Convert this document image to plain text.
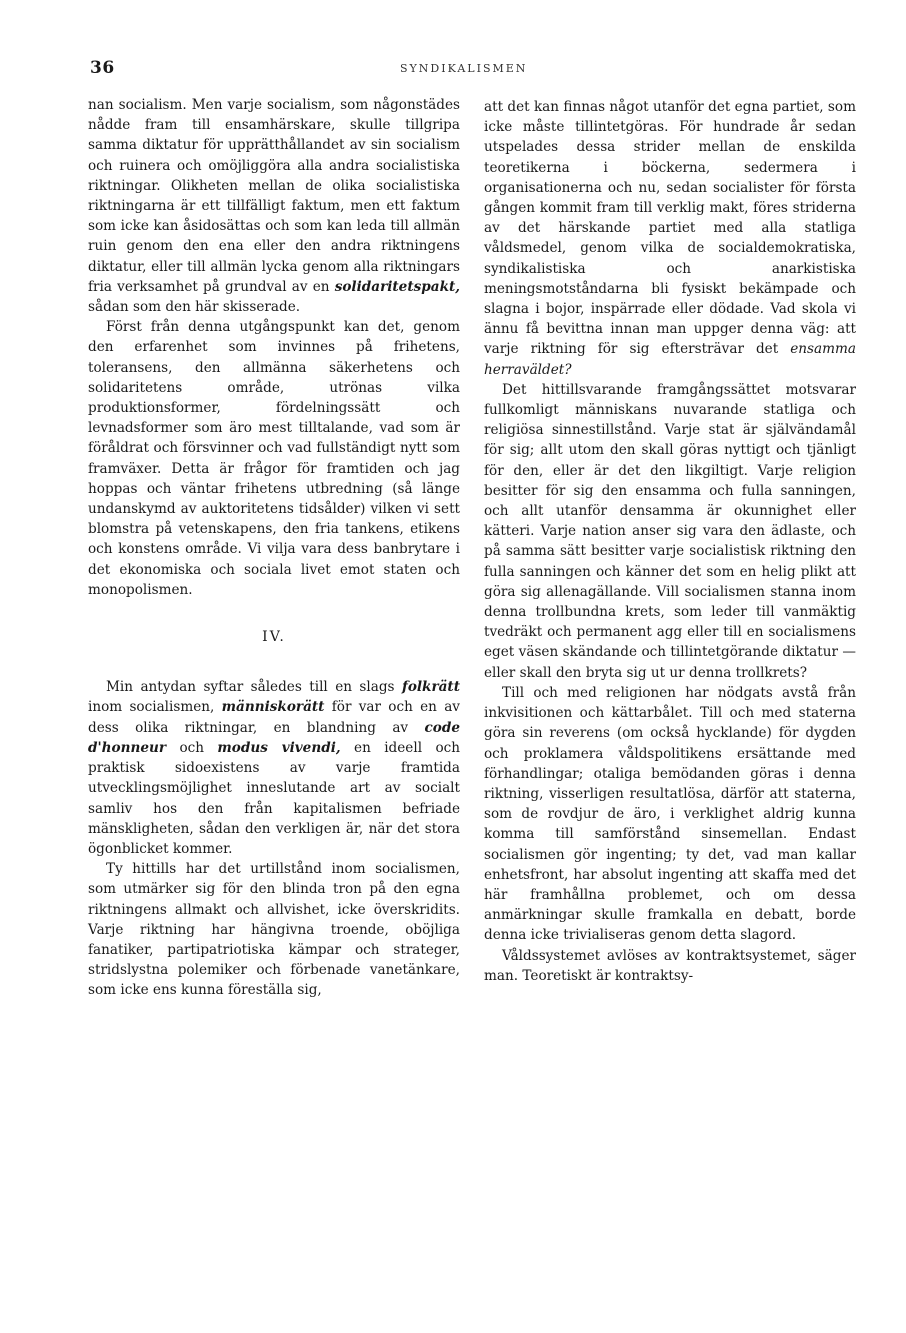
36	SYNDIKALISMEN

nan socialism. Men varje socialism, som någonstädes nådde fram till ensamhärskare, skulle tillgripa samma diktatur för upprätthållandet av sin socialism och ruinera och omöjliggöra alla andra socialistiska riktningar. Olikheten mellan de olika socialistiska riktningarna är ett tillfälligt faktum, men ett faktum som icke kan åsidosättas och som kan leda till allmän ruin genom den ena eller den andra riktningens diktatur, eller till allmän lycka genom alla riktningars fria verksamhet på grundval av en solidaritetspakt, sådan som den här skisserade.

Först från denna utgångspunkt kan det, genom den erfarenhet som invinnes på frihetens, toleransens, den allmänna säkerhetens och solidaritetens område, utrönas vilka produktionsformer, fördelningssätt och levnadsformer som äro mest tilltalande, vad som är föråldrat och försvinner och vad fullständigt nytt som framväxer. Detta är frågor för framtiden och jag hoppas och väntar frihetens utbredning (så länge undanskymd av auktoritetens tidsålder) vilken vi sett blomstra på vetenskapens, den fria tankens, etikens och konstens område. Vi vilja vara dess banbrytare i det ekonomiska och sociala livet emot staten och monopolismen.

IV.

Min antydan syftar således till en slags folkrätt inom socialismen, människorätt för var och en av dess olika riktningar, en blandning av code d'honneur och modus vivendi, en ideell och praktisk sidoexistens av varje framtida utvecklingsmöjlighet inneslutande art av socialt samliv hos den från kapitalismen befriade mänskligheten, sådan den verkligen är, när det stora ögonblicket kommer.

Ty hittills har det urtillstånd inom socialismen, som utmärker sig för den blinda tron på den egna riktningens allmakt och allvishet, icke överskridits. Varje riktning har hängivna troende, oböjliga fanatiker, partipatriotiska kämpar och strateger, stridslystna polemiker och förbenade vanetänkare, som icke ens kunna föreställa sig,

att det kan finnas något utanför det egna partiet, som icke måste tillintetgöras. För hundrade år sedan utspelades dessa strider mellan de enskilda teoretikerna i böckerna, sedermera i organisationerna och nu, sedan socialister för första gången kommit fram till verklig makt, föres striderna av det härskande partiet med alla statliga våldsmedel, genom vilka de socialdemokratiska, syndikalistiska och anarkistiska meningsmotståndarna bli fysiskt bekämpade och slagna i bojor, inspärrade eller dödade. Vad skola vi ännu få bevittna innan man uppger denna väg: att varje riktning för sig eftersträvar det ensamma herraväldet?

Det hittillsvarande framgångssättet motsvarar fullkomligt människans nuvarande statliga och religiösa sinnestillstånd. Varje stat är självändamål för sig; allt utom den skall göras nyttigt och tjänligt för den, eller är det den likgiltigt. Varje religion besitter för sig den ensamma och fulla sanningen, och allt utanför densamma är okunnighet eller kätteri. Varje nation anser sig vara den ädlaste, och på samma sätt besitter varje socialistisk riktning den fulla sanningen och känner det som en helig plikt att göra sig allenagällande. Vill socialismen stanna inom denna trollbundna krets, som leder till vanmäktig tvedräkt och permanent agg eller till en socialismens eget väsen skändande och tillintetgörande diktatur — eller skall den bryta sig ut ur denna trollkrets?

Till och med religionen har nödgats avstå från inkvisitionen och kättarbålet. Till och med staterna göra sin reverens (om också hycklande) för dygden och proklamera våldspolitikens ersättande med förhandlingar; otaliga bemödanden göras i denna riktning, visserligen resultatlösa, därför att staterna, som de rovdjur de äro, i verklighet aldrig kunna komma till samförstånd sinsemellan. Endast socialismen gör ingenting; ty det, vad man kallar enhetsfront, har absolut ingenting att skaffa med det här framhållna problemet, och om dessa anmärkningar skulle framkalla en debatt, borde denna icke trivialiseras genom detta slagord.

Våldssystemet avlöses av kontraktsystemet, säger man. Teoretiskt är kontraktsy-
